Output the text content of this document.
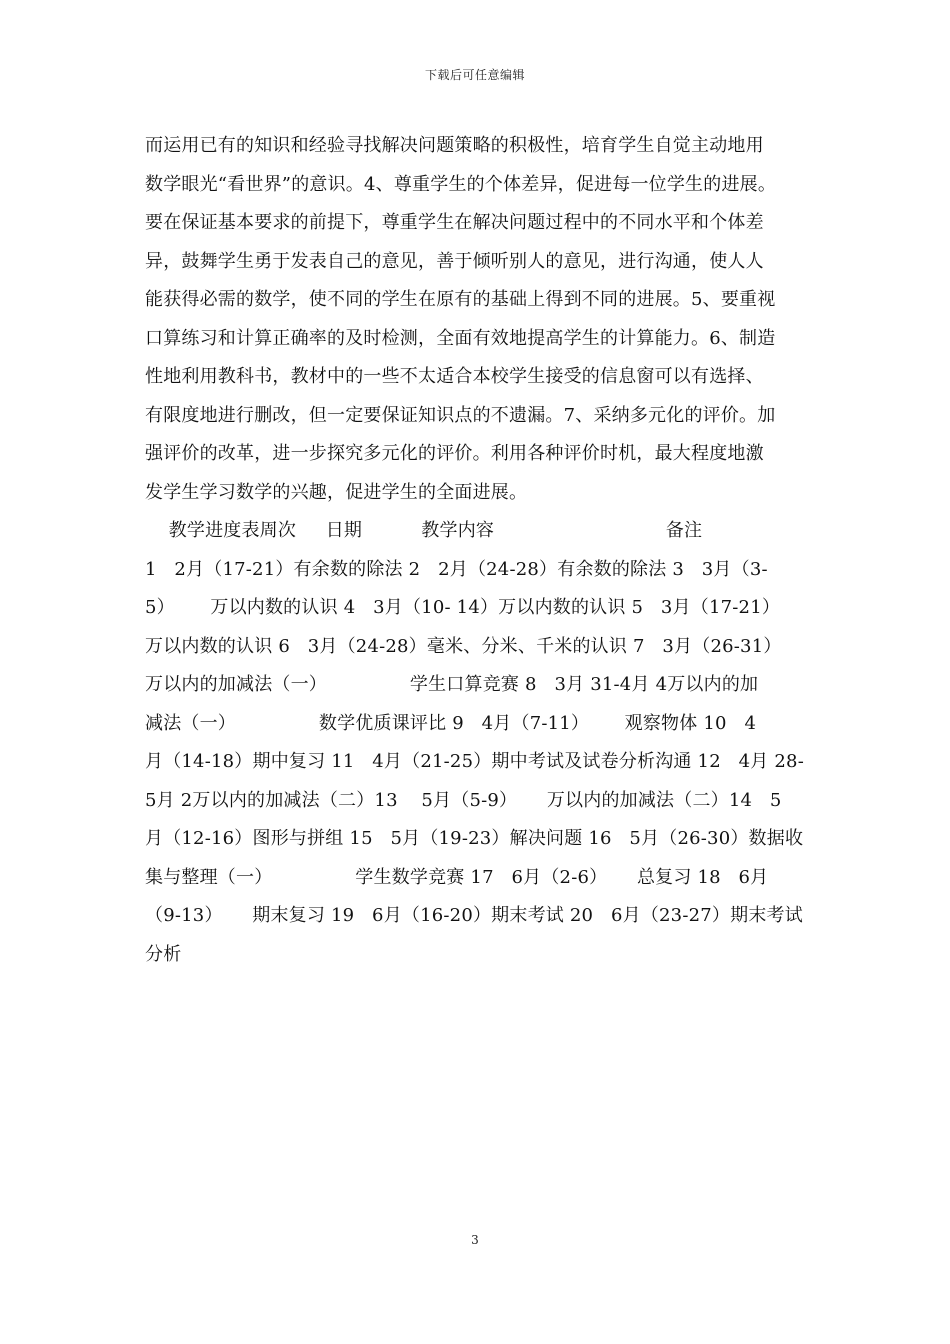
下载后可任意编辑
而运用已有的知识和经验寻找解决问题策略的积极性，培育学生自觉主动地用
数学眼光“看世界”的意识。4、尊重学生的个体差异，促进每一位学生的进展。
要在保证基本要求的前提下，尊重学生在解决问题过程中的不同水平和个体差
异，鼓舞学生勇于发表自己的意见，善于倾听别人的意见，进行沟通，使人人
能获得必需的数学，使不同的学生在原有的基础上得到不同的进展。5、要重视
口算练习和计算正确率的及时检测，全面有效地提高学生的计算能力。6、制造
性地利用教科书，教材中的一些不太适合本校学生接受的信息窗可以有选择、
有限度地进行删改，但一定要保证知识点的不遗漏。7、采纳多元化的评价。加
强评价的改革，进一步探究多元化的评价。利用各种评价时机，最大程度地激
发学生学习数学的兴趣，促进学生的全面进展。
教学进度表周次     日期          教学内容                             备注
1   2月（17-21）有余数的除法 2   2月（24-28）有余数的除法 3   3月（3-
5）      万以内数的认识 4   3月（10- 14）万以内数的认识 5   3月（17-21）
万以内数的认识 6   3月（24-28）毫米、分米、千米的认识 7   3月（26-31）
万以内的加减法（一）              学生口算竞赛 8   3月 31-4月 4万以内的加
减法（一）              数学优质课评比 9   4月（7-11）      观察物体 10   4
月（14-18）期中复习 11   4月（21-25）期中考试及试卷分析沟通 12   4月 28-
5月 2万以内的加减法（二）13    5月（5-9）     万以内的加减法（二）14   5
月（12-16）图形与拼组 15   5月（19-23）解决问题 16   5月（26-30）数据收
集与整理（一）              学生数学竞赛 17   6月（2-6）     总复习 18   6月
（9-13）     期末复习 19   6月（16-20）期末考试 20   6月（23-27）期末考试
分析
3
